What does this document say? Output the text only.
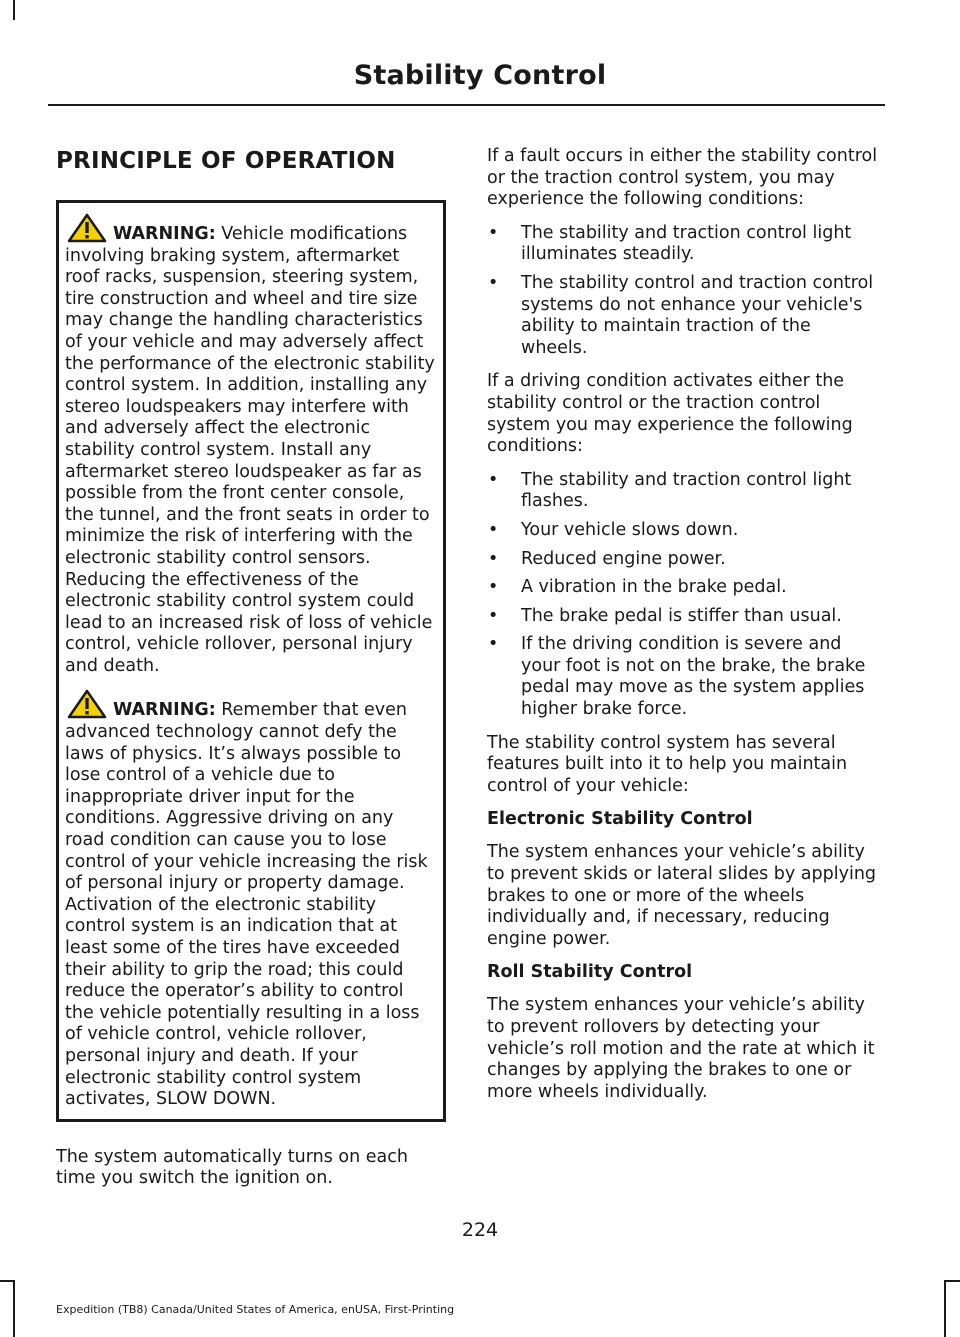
Stability Control
PRINCIPLE OF OPERATION
WARNING: Vehicle modifications involving braking system, aftermarket roof racks, suspension, steering system, tire construction and wheel and tire size may change the handling characteristics of your vehicle and may adversely affect the performance of the electronic stability control system. In addition, installing any stereo loudspeakers may interfere with and adversely affect the electronic stability control system. Install any aftermarket stereo loudspeaker as far as possible from the front center console, the tunnel, and the front seats in order to minimize the risk of interfering with the electronic stability control sensors. Reducing the effectiveness of the electronic stability control system could lead to an increased risk of loss of vehicle control, vehicle rollover, personal injury and death.
WARNING: Remember that even advanced technology cannot defy the laws of physics. It’s always possible to lose control of a vehicle due to inappropriate driver input for the conditions. Aggressive driving on any road condition can cause you to lose control of your vehicle increasing the risk of personal injury or property damage. Activation of the electronic stability control system is an indication that at least some of the tires have exceeded their ability to grip the road; this could reduce the operator’s ability to control the vehicle potentially resulting in a loss of vehicle control, vehicle rollover, personal injury and death. If your electronic stability control system activates, SLOW DOWN.

The system automatically turns on each time you switch the ignition on.

If a fault occurs in either the stability control or the traction control system, you may experience the following conditions:

• The stability and traction control light illuminates steadily.
• The stability control and traction control systems do not enhance your vehicle's ability to maintain traction of the wheels.

If a driving condition activates either the stability control or the traction control system you may experience the following conditions:

• The stability and traction control light flashes.
• Your vehicle slows down.
• Reduced engine power.
• A vibration in the brake pedal.
• The brake pedal is stiffer than usual.
• If the driving condition is severe and your foot is not on the brake, the brake pedal may move as the system applies higher brake force.

The stability control system has several features built into it to help you maintain control of your vehicle:

Electronic Stability Control

The system enhances your vehicle’s ability to prevent skids or lateral slides by applying brakes to one or more of the wheels individually and, if necessary, reducing engine power.

Roll Stability Control

The system enhances your vehicle’s ability to prevent rollovers by detecting your vehicle’s roll motion and the rate at which it changes by applying the brakes to one or more wheels individually.

224
Expedition (TB8) Canada/United States of America, enUSA, First-Printing
